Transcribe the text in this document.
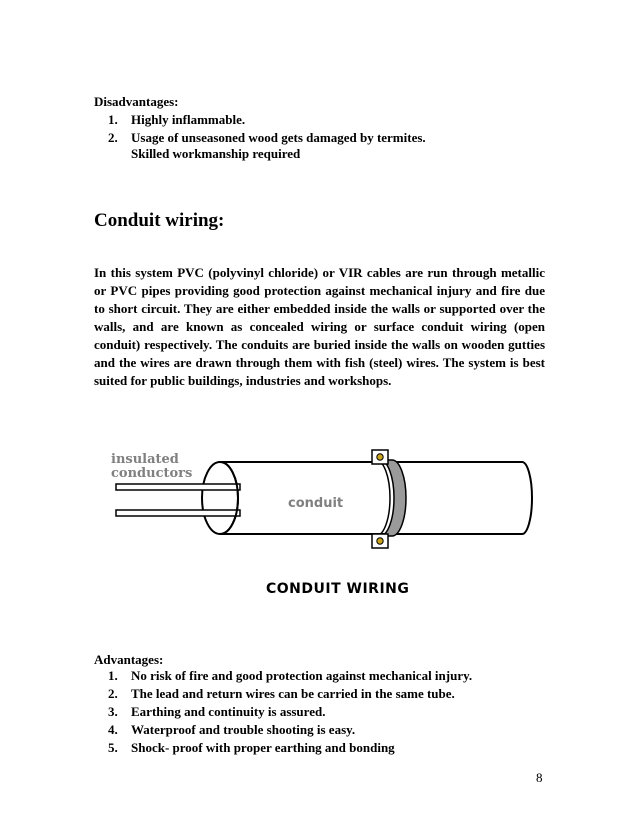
Disadvantages:
1. Highly inflammable.
2. Usage of unseasoned wood gets damaged by termites.
Skilled workmanship required
Conduit wiring:

In this system PVC (polyvinyl chloride) or VIR cables are run through metallic or PVC pipes providing good protection against mechanical injury and fire due to short circuit. They are either embedded inside the walls or supported over the walls, and are known as concealed wiring or surface conduit wiring (open conduit) respectively. The conduits are buried inside the walls on wooden gutties and the wires are drawn through them with fish (steel) wires. The system is best suited for public buildings, industries and workshops.

insulated
conductors
conduit
CONDUIT WIRING
Advantages:
1. No risk of fire and good protection against mechanical injury.
2. The lead and return wires can be carried in the same tube.
3. Earthing and continuity is assured.
4. Waterproof and trouble shooting is easy.
5. Shock- proof with proper earthing and bonding
8
